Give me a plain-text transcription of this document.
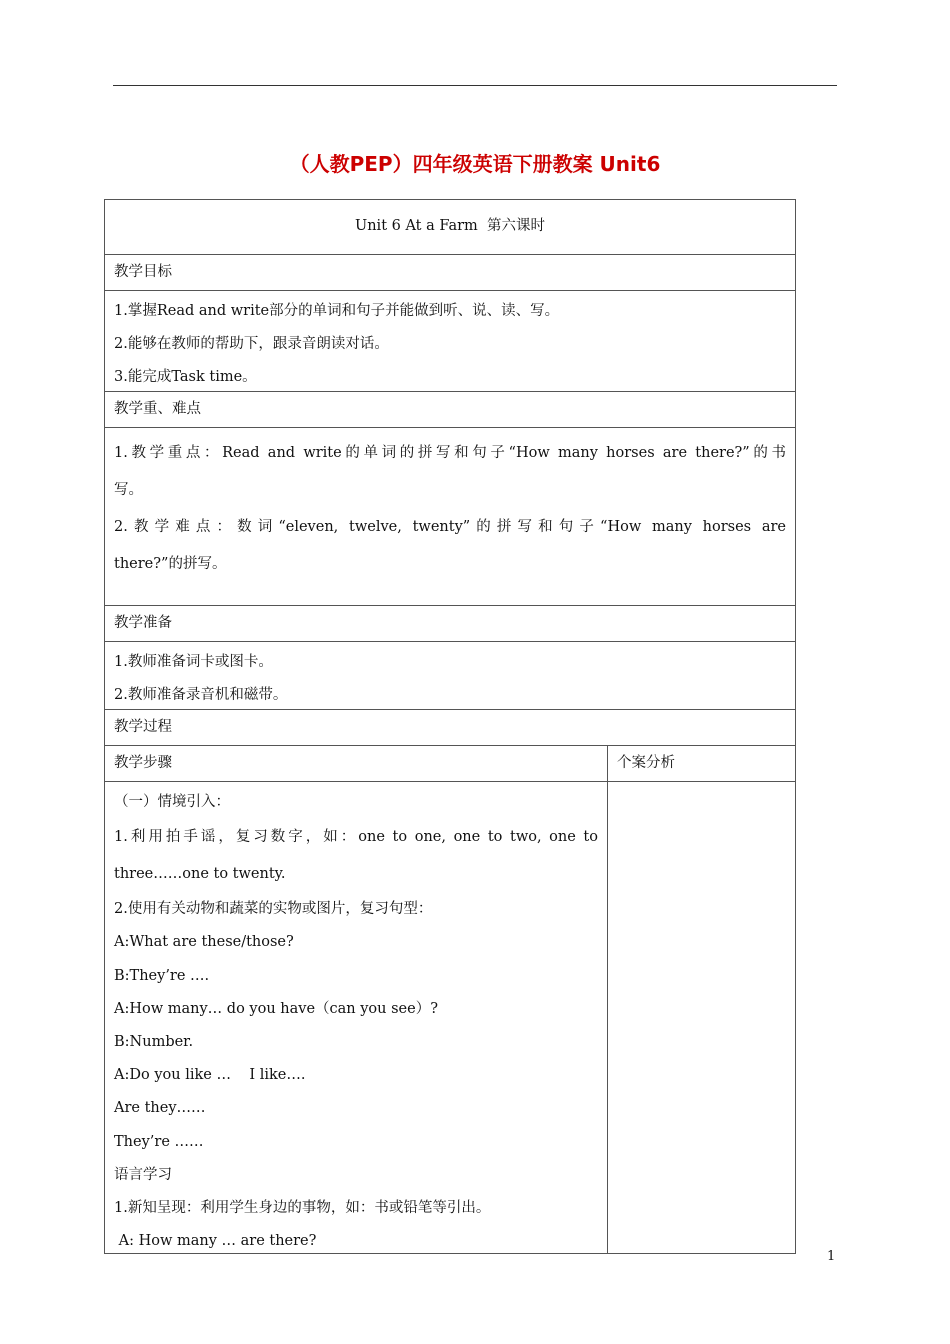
（人教PEP）四年级英语下册教案 Unit6
Unit 6 At a Farm  第六课时
教学目标
1.掌握Read and write部分的单词和句子并能做到听、说、读、写。
2.能够在教师的帮助下，跟录音朗读对话。
3.能完成Task time。
教学重、难点
1.教学重点：Read and write的单词的拼写和句子“How many horses are there?”的书
写。
2.教学难点：数词“eleven, twelve, twenty”的拼写和句子“How many horses are
there?”的拼写。
教学准备
1.教师准备词卡或图卡。
2.教师准备录音机和磁带。
教学过程
教学步骤	个案分析
（一）情境引入：
1.利用拍手谣，复习数字，如：one to one, one to two, one to
three……one to twenty.
2.使用有关动物和蔬菜的实物或图片，复习句型：
A:What are these/those?
B:They’re ….
A:How many… do you have（can you see）?
B:Number.
A:Do you like …    I like….
Are they……
They’re ……
语言学习
1.新知呈现：利用学生身边的事物，如：书或铅笔等引出。
A: How many … are there?
1
